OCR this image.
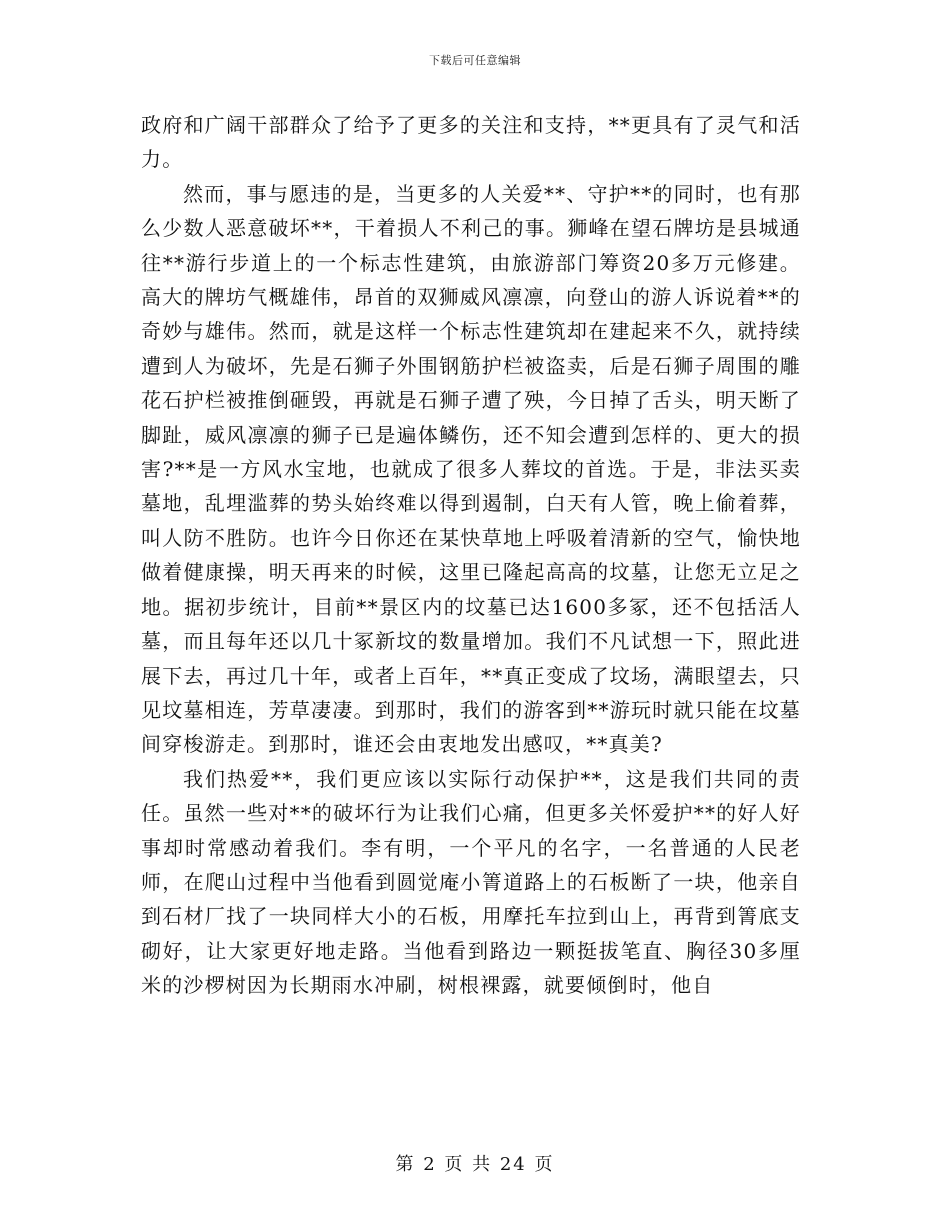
下载后可任意编辑

政府和广阔干部群众了给予了更多的关注和支持，**更具有了灵气和活力。

然而，事与愿违的是，当更多的人关爱**、守护**的同时，也有那么少数人恶意破坏**，干着损人不利己的事。狮峰在望石牌坊是县城通往**游行步道上的一个标志性建筑，由旅游部门筹资20多万元修建。高大的牌坊气概雄伟，昂首的双狮威风凛凛，向登山的游人诉说着**的奇妙与雄伟。然而，就是这样一个标志性建筑却在建起来不久，就持续遭到人为破坏，先是石狮子外围钢筋护栏被盗卖，后是石狮子周围的雕花石护栏被推倒砸毁，再就是石狮子遭了殃，今日掉了舌头，明天断了脚趾，威风凛凛的狮子已是遍体鳞伤，还不知会遭到怎样的、更大的损害?**是一方风水宝地，也就成了很多人葬坟的首选。于是，非法买卖墓地，乱埋滥葬的势头始终难以得到遏制，白天有人管，晚上偷着葬，叫人防不胜防。也许今日你还在某快草地上呼吸着清新的空气，愉快地做着健康操，明天再来的时候，这里已隆起高高的坟墓，让您无立足之地。据初步统计，目前**景区内的坟墓已达1600多冢，还不包括活人墓，而且每年还以几十冢新坟的数量增加。我们不凡试想一下，照此进展下去，再过几十年，或者上百年，**真正变成了坟场，满眼望去，只见坟墓相连，芳草凄凄。到那时，我们的游客到**游玩时就只能在坟墓间穿梭游走。到那时，谁还会由衷地发出感叹，**真美?

我们热爱**，我们更应该以实际行动保护**，这是我们共同的责任。虽然一些对**的破坏行为让我们心痛，但更多关怀爱护**的好人好事却时常感动着我们。李有明，一个平凡的名字，一名普通的人民老师，在爬山过程中当他看到圆觉庵小箐道路上的石板断了一块，他亲自到石材厂找了一块同样大小的石板，用摩托车拉到山上，再背到箐底支砌好，让大家更好地走路。当他看到路边一颗挺拔笔直、胸径30多厘米的沙椤树因为长期雨水冲刷，树根裸露，就要倾倒时，他自

第 2 页 共 24 页
